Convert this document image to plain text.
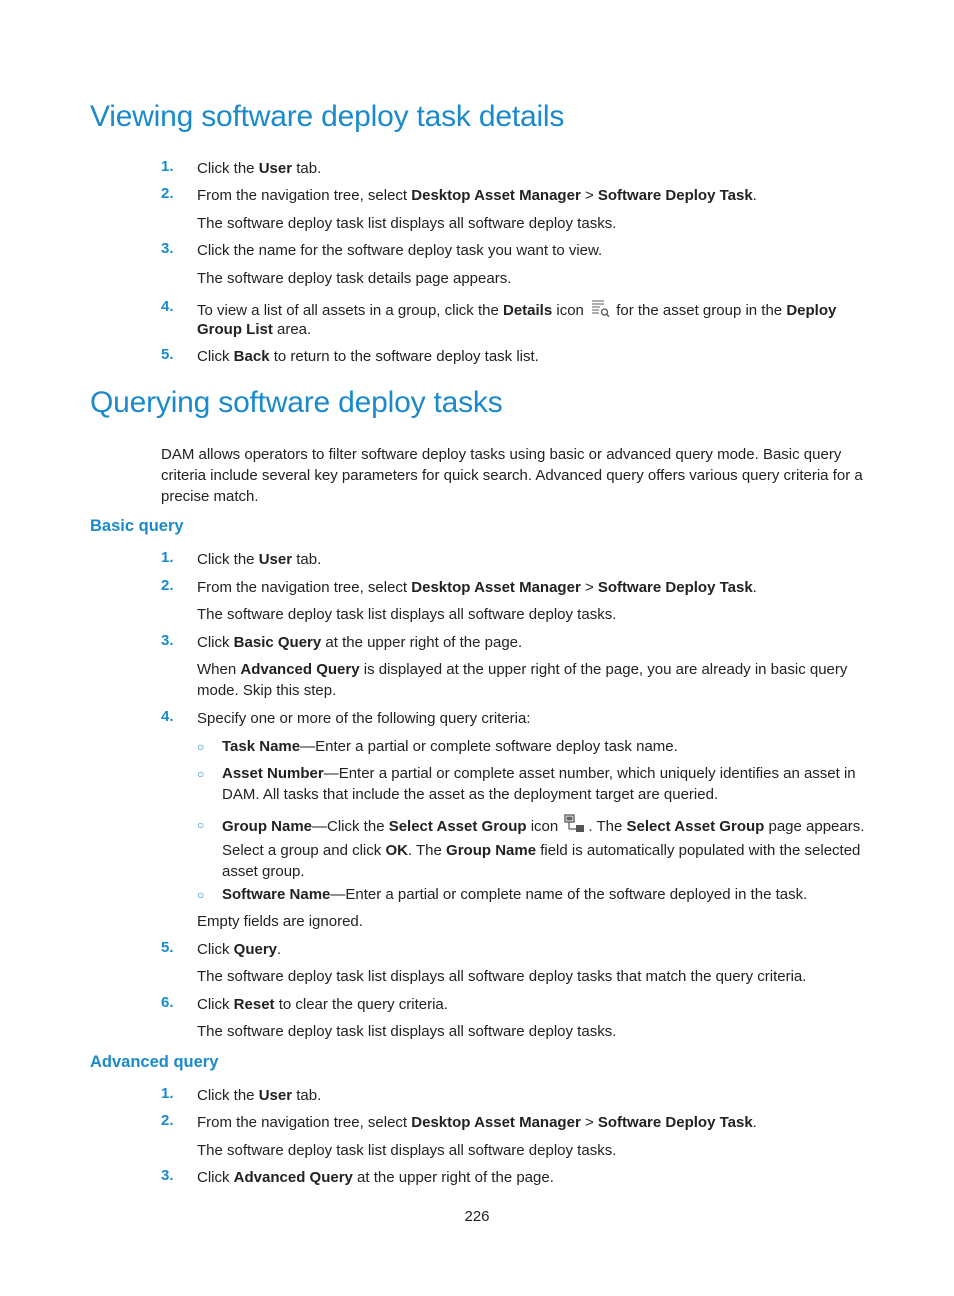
Viewing software deploy task details
1. Click the User tab.
2. From the navigation tree, select Desktop Asset Manager > Software Deploy Task.
The software deploy task list displays all software deploy tasks.
3. Click the name for the software deploy task you want to view.
The software deploy task details page appears.
4. To view a list of all assets in a group, click the Details icon  for the asset group in the Deploy
Group List area.
5. Click Back to return to the software deploy task list.
Querying software deploy tasks

DAM allows operators to filter software deploy tasks using basic or advanced query mode. Basic query criteria include several key parameters for quick search. Advanced query offers various query criteria for a precise match.

Basic query
1. Click the User tab.
2. From the navigation tree, select Desktop Asset Manager > Software Deploy Task.
The software deploy task list displays all software deploy tasks.
3. Click Basic Query at the upper right of the page.
When Advanced Query is displayed at the upper right of the page, you are already in basic query mode. Skip this step.
4. Specify one or more of the following query criteria:
○ Task Name—Enter a partial or complete software deploy task name.
○ Asset Number—Enter a partial or complete asset number, which uniquely identifies an asset in DAM. All tasks that include the asset as the deployment target are queried.
○ Group Name—Click the Select Asset Group icon . The Select Asset Group page appears. Select a group and click OK. The Group Name field is automatically populated with the selected asset group.
○ Software Name—Enter a partial or complete name of the software deployed in the task.
Empty fields are ignored.
5. Click Query.
The software deploy task list displays all software deploy tasks that match the query criteria.
6. Click Reset to clear the query criteria.
The software deploy task list displays all software deploy tasks.
Advanced query
1. Click the User tab.
2. From the navigation tree, select Desktop Asset Manager > Software Deploy Task.
The software deploy task list displays all software deploy tasks.
3. Click Advanced Query at the upper right of the page.
226
